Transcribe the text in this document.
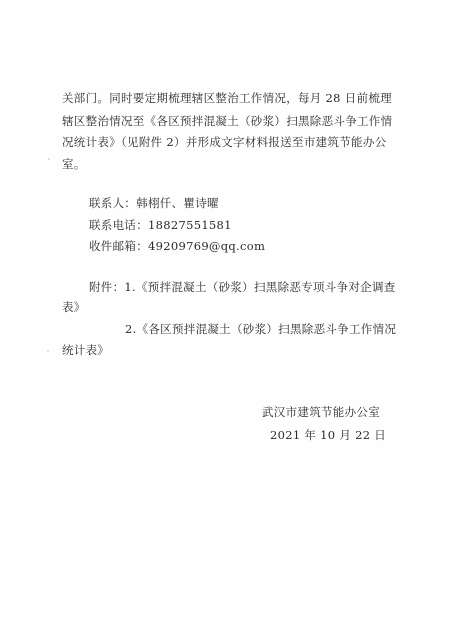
关部门。同时要定期梳理辖区整治工作情况，每月 28 日前梳理
辖区整治情况至《各区预拌混凝土（砂浆）扫黑除恶斗争工作情
况统计表》（见附件 2）并形成文字材料报送至市建筑节能办公
室。
联系人：韩栩仟、瞿诗曜
联系电话：18827551581
收件邮箱：49209769@qq.com
附件：1.《预拌混凝土（砂浆）扫黑除恶专项斗争对企调查
表》
2.《各区预拌混凝土（砂浆）扫黑除恶斗争工作情况
统计表》
武汉市建筑节能办公室
2021 年 10 月 22 日
